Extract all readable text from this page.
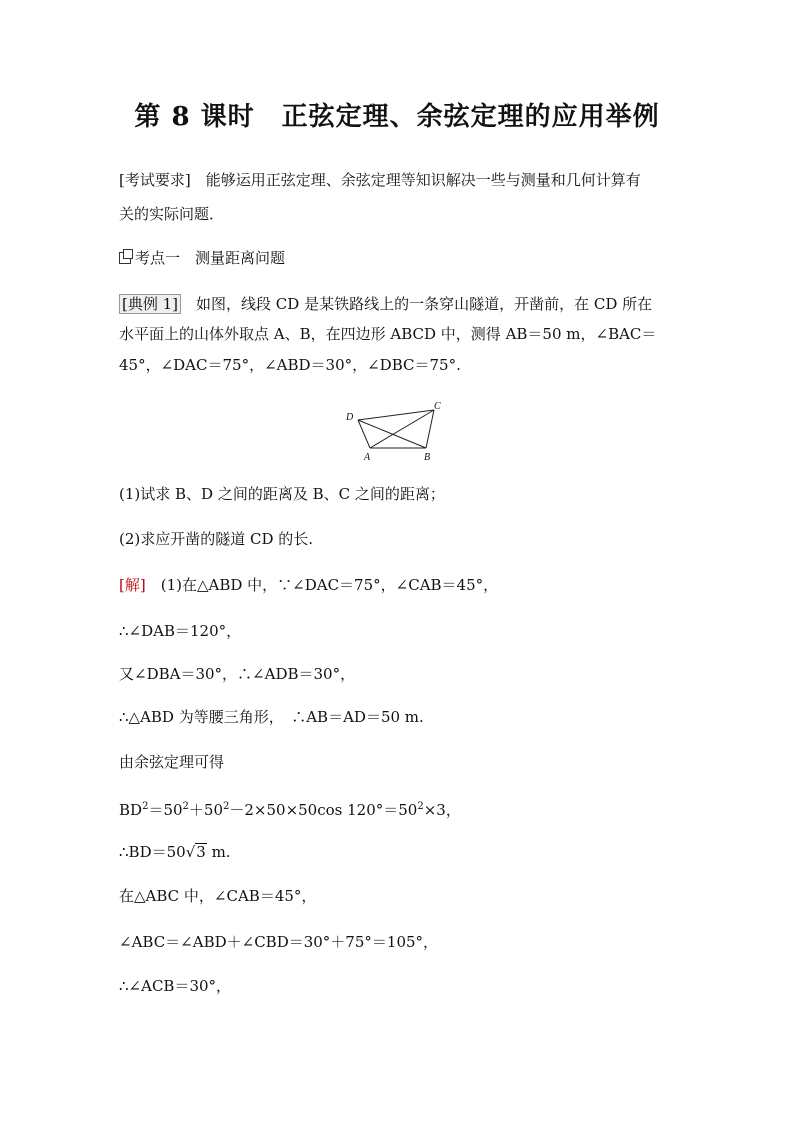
第 8 课时　正弦定理、余弦定理的应用举例
[考试要求]　能够运用正弦定理、余弦定理等知识解决一些与测量和几何计算有
关的实际问题．
考点一　测量距离问题
[典例 1]　如图，线段 CD 是某铁路线上的一条穿山隧道，开凿前，在 CD 所在
水平面上的山体外取点 A、B，在四边形 ABCD 中，测得 AB＝50 m，∠BAC＝
45°，∠DAC＝75°，∠ABD＝30°，∠DBC＝75°.
D
C
A	B
(1)试求 B、D 之间的距离及 B、C 之间的距离；
(2)求应开凿的隧道 CD 的长.
[解]　(1)在△ABD 中，∵∠DAC＝75°，∠CAB＝45°，
∴∠DAB＝120°，
又∠DBA＝30°，∴∠ADB＝30°，
∴△ABD 为等腰三角形，　∴AB＝AD＝50 m.
由余弦定理可得
$BD^2=50^2+50^2-2\times 50\times 50\cos$ $120^\circ=50^2\times 3$，
∴BD＝50√3 m.
在△ABC 中，∠CAB＝45°，
∠ABC＝∠ABD＋∠CBD＝30°＋75°＝105°，
∴∠ACB＝30°，
